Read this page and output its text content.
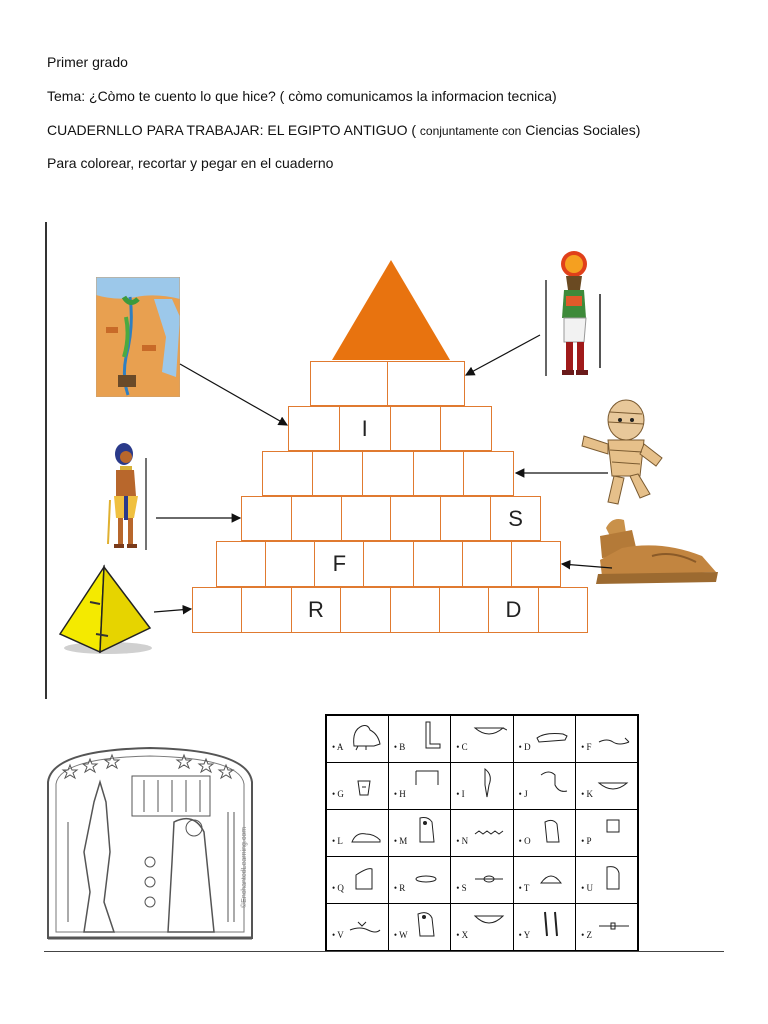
Primer grado
Tema: ¿Còmo te cuento lo que hice? ( còmo comunicamos la informacion tecnica)
CUADERNLLO PARA TRABAJAR: EL EGIPTO ANTIGUO ( conjuntamente con Ciencias Sociales)
Para colorear, recortar y pegar en el cuaderno
I
S
F
R	D
©EnchantedLearning.com
• A	• B	• C	• D	• F

• G	• H	• I	• J	• K

• L	• M	• N	• O	• P

• Q	• R	• S	• T	• U

• V	• W	• X	• Y	• Z
